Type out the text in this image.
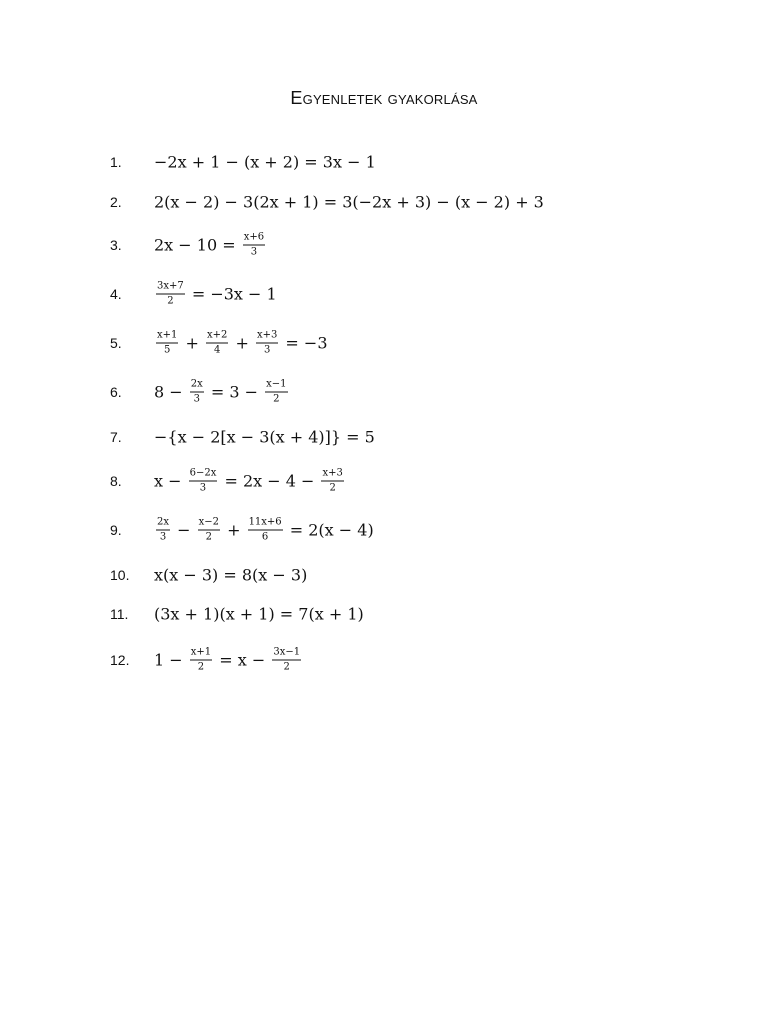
Egyenletek gyakorlása
1. −2x + 1 − (x + 2) = 3x − 1
2. 2(x − 2) − 3(2x + 1) = 3(−2x + 3) − (x − 2) + 3
3. $2x - 10 = \frac{x+6}{3}$
4.	$\frac{3x+7}{2} = -3x - 1$
5.	$\frac{x+1}{5} + \frac{x+2}{4} + \frac{x+3}{3} = -3$
6. $8 - \frac{2x}{3} = 3 - \frac{x-1}{2}$
7. −{x − 2[x − 3(x + 4)]} = 5
8. $x - \frac{6-2x}{3} = 2x - 4 - \frac{x+3}{2}$
9.	$\frac{2x}{3} - \frac{x-2}{2} + \frac{11x+6}{6} = 2(x - 4)$
10. x(x − 3) = 8(x − 3)
11. (3x + 1)(x + 1) = 7(x + 1)
12. $1 - \frac{x+1}{2} = x - \frac{3x-1}{2}$
